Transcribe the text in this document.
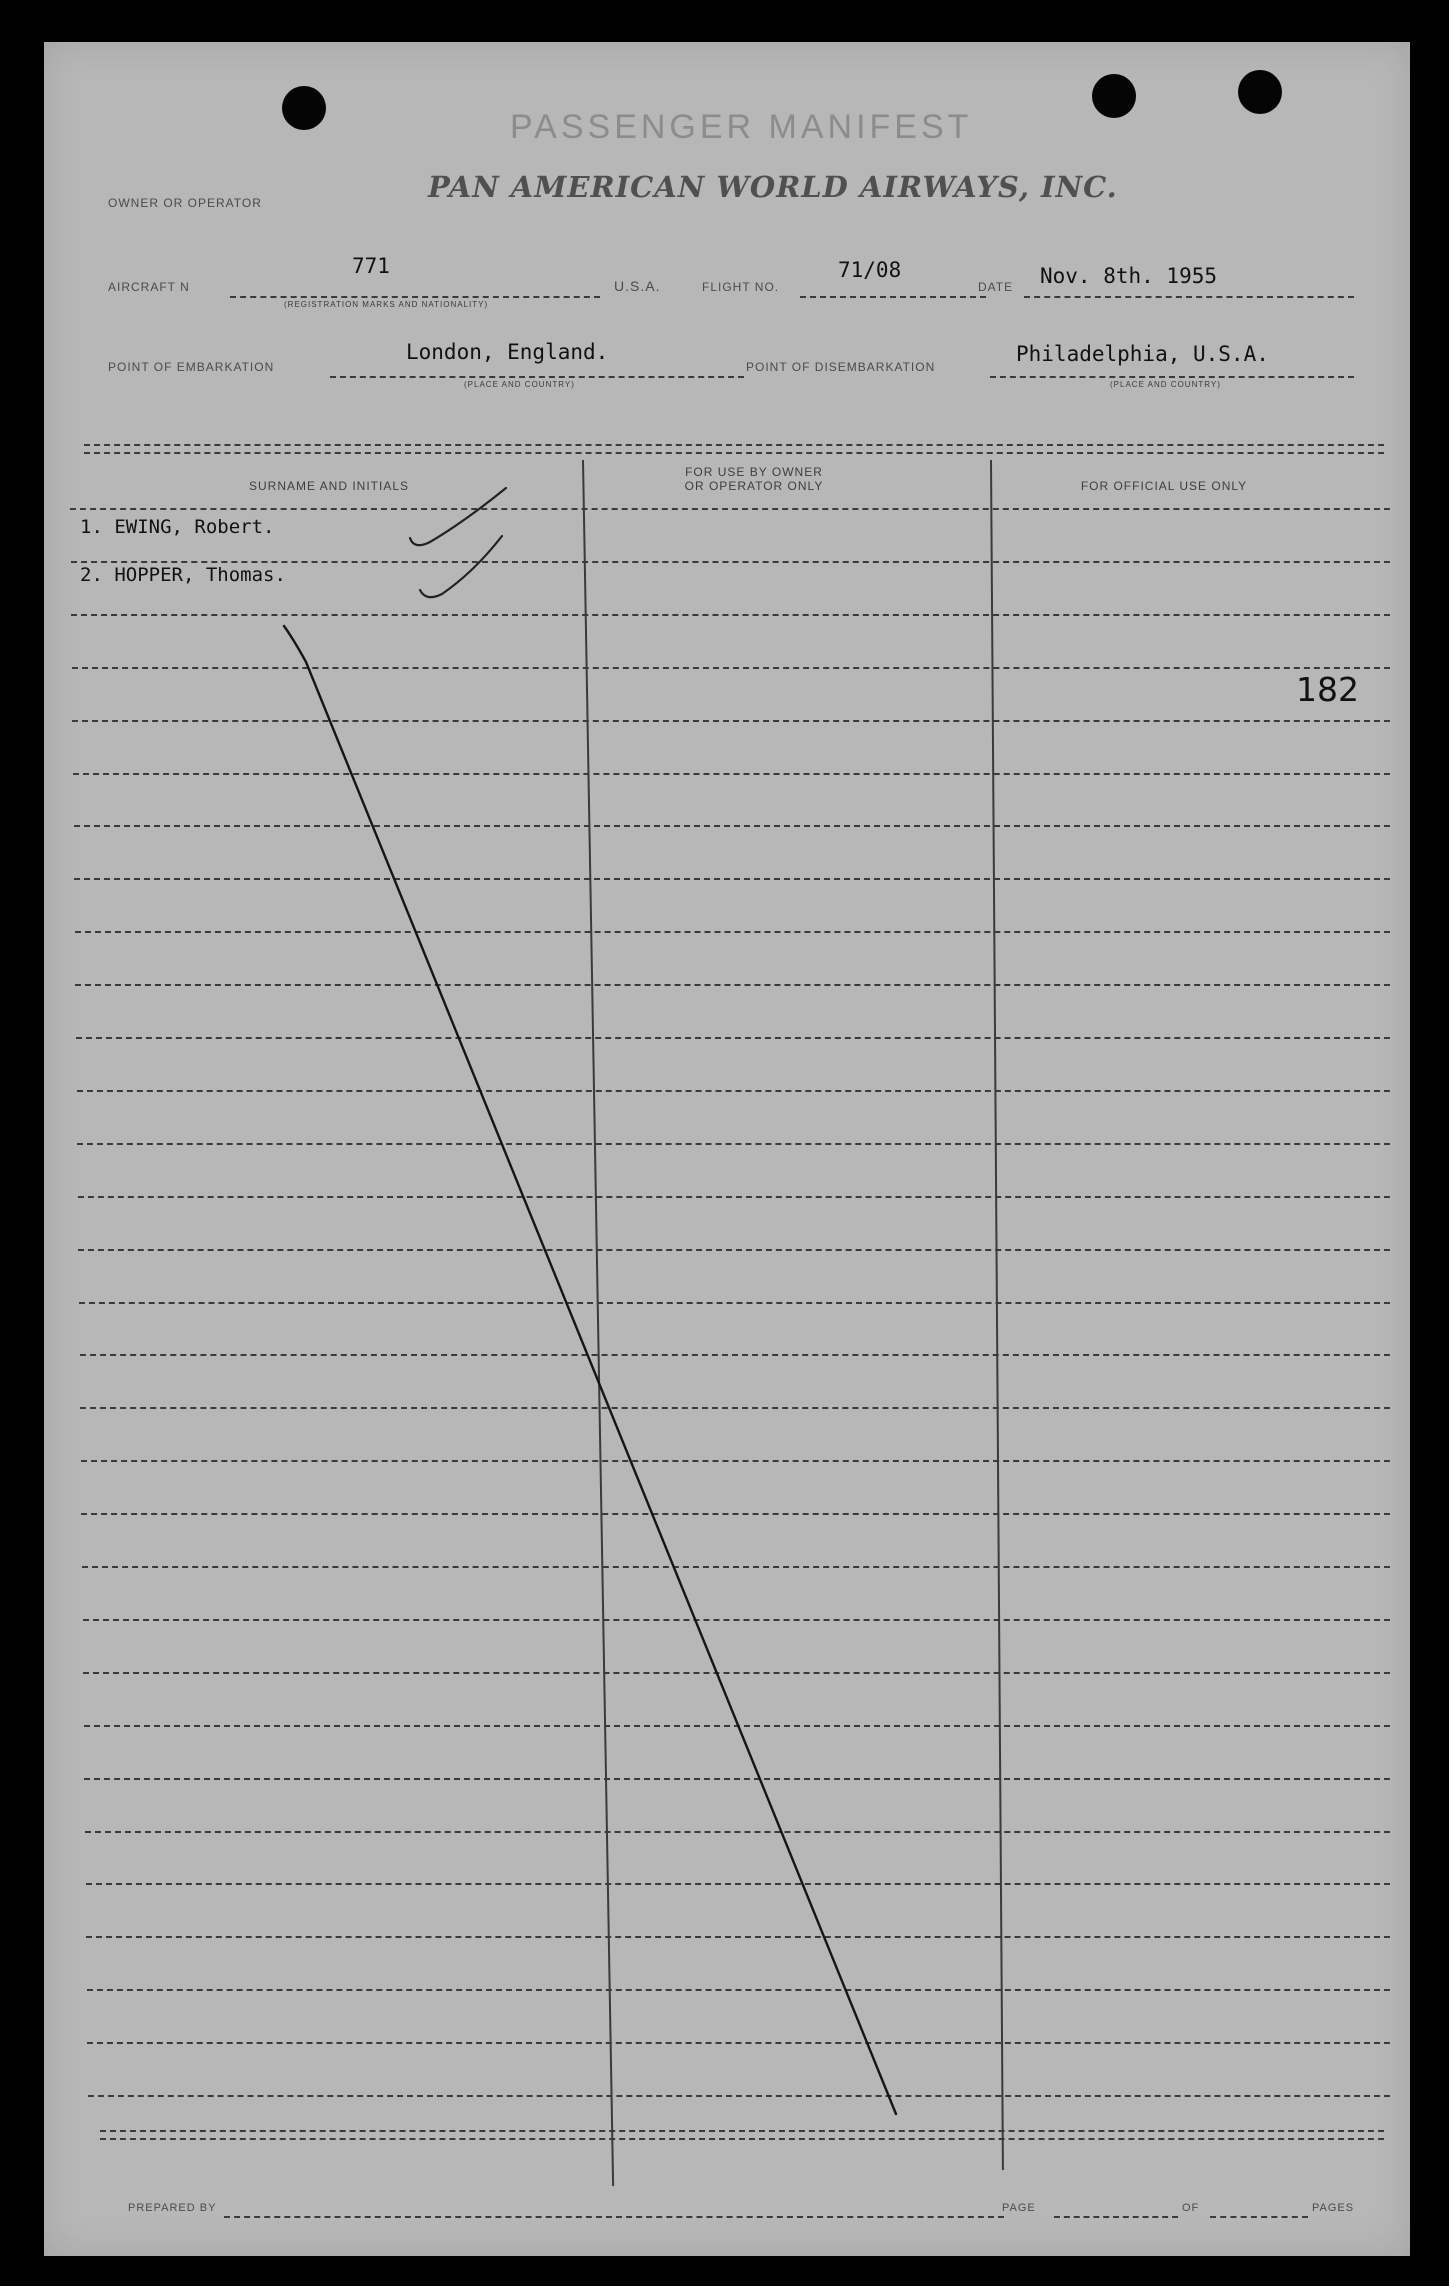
PASSENGER MANIFEST
OWNER OR OPERATOR	PAN AMERICAN WORLD AIRWAYS, INC.
AIRCRAFT N
771
(REGISTRATION MARKS AND NATIONALITY)
U.S.A.	FLIGHT NO.
71/08
DATE Nov. 8th. 1955
POINT OF EMBARKATION
London, England.
(PLACE AND COUNTRY)
POINT OF DISEMBARKATION
Philadelphia, U.S.A.
(PLACE AND COUNTRY)
SURNAME AND INITIALS
FOR USE BY OWNER
OR OPERATOR ONLY	FOR OFFICIAL USE ONLY
1. EWING, Robert.
2. HOPPER, Thomas.
182
PREPARED BY	PAGE	OF	PAGES
